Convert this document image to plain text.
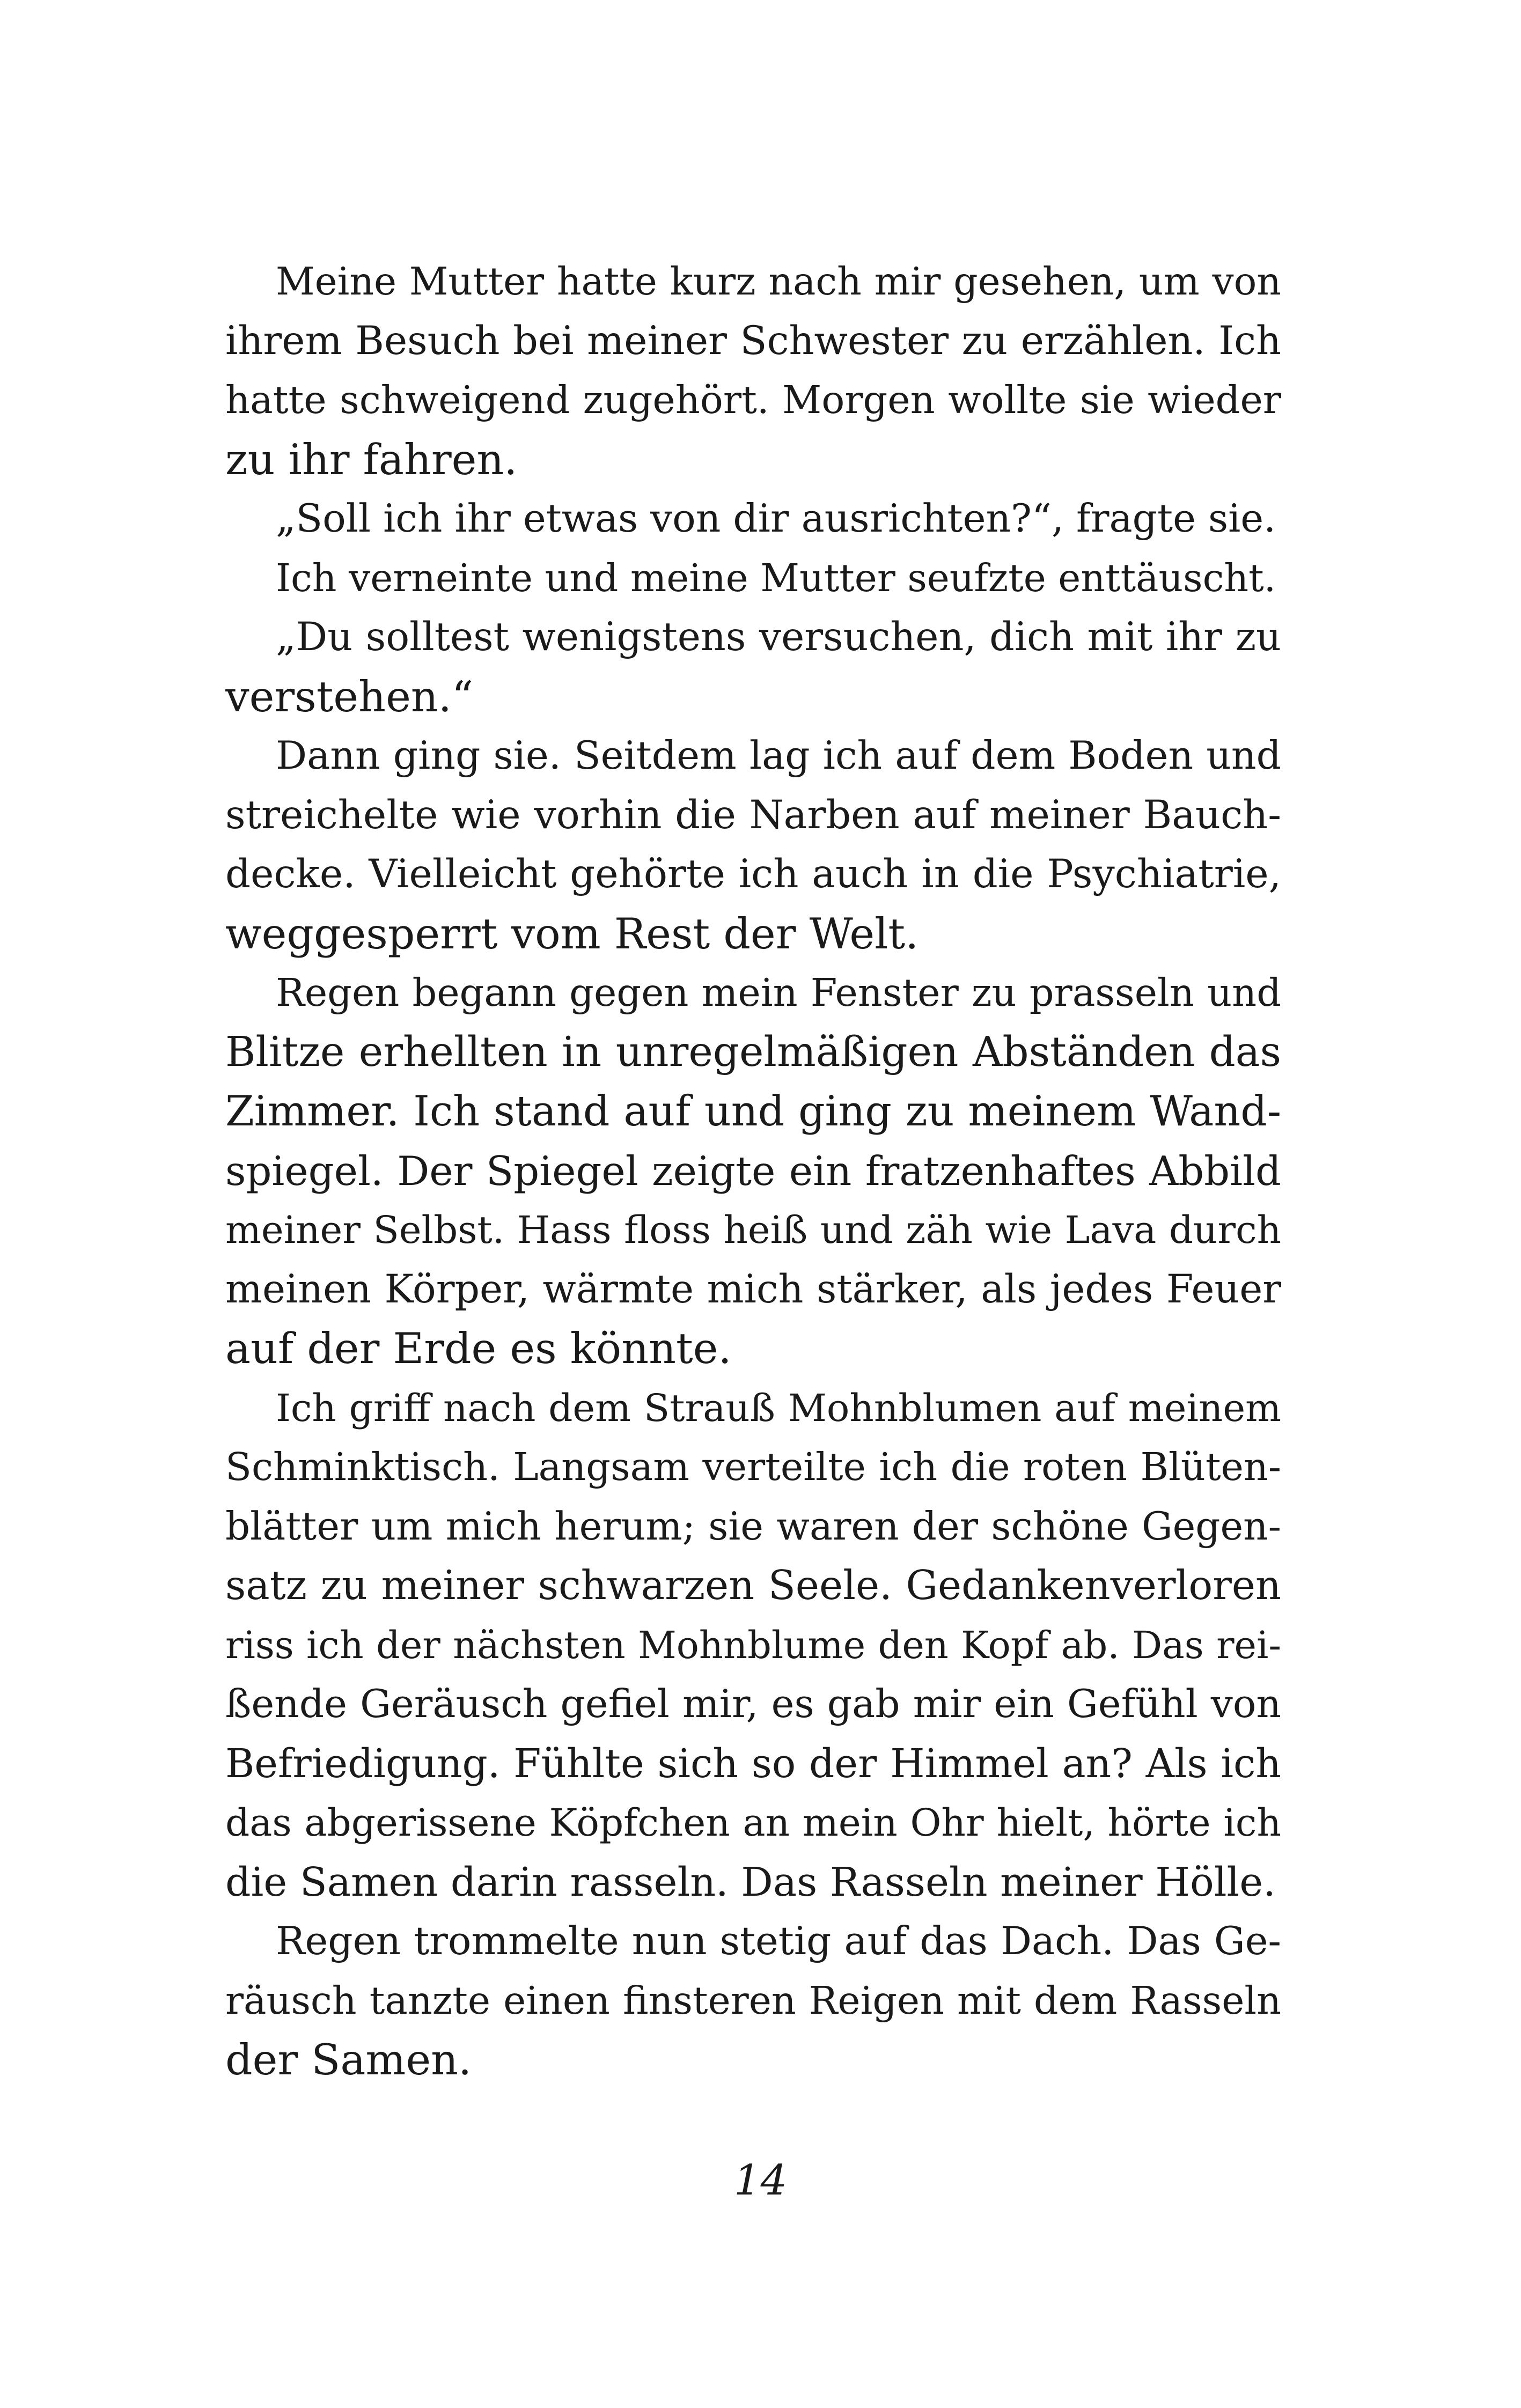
Meine Mutter hatte kurz nach mir gesehen, um von
ihrem Besuch bei meiner Schwester zu erzählen. Ich
hatte schweigend zugehört. Morgen wollte sie wieder
zu ihr fahren.
„Soll ich ihr etwas von dir ausrichten?“, fragte sie.
Ich verneinte und meine Mutter seufzte enttäuscht.
„Du solltest wenigstens versuchen, dich mit ihr zu
verstehen.“
Dann ging sie. Seitdem lag ich auf dem Boden und
streichelte wie vorhin die Narben auf meiner Bauch-
decke. Vielleicht gehörte ich auch in die Psychiatrie,
weggesperrt vom Rest der Welt.
Regen begann gegen mein Fenster zu prasseln und
Blitze erhellten in unregelmäßigen Abständen das
Zimmer. Ich stand auf und ging zu meinem Wand-
spiegel. Der Spiegel zeigte ein fratzenhaftes Abbild
meiner Selbst. Hass floss heiß und zäh wie Lava durch
meinen Körper, wärmte mich stärker, als jedes Feuer
auf der Erde es könnte.
Ich griff nach dem Strauß Mohnblumen auf meinem
Schminktisch. Langsam verteilte ich die roten Blüten-
blätter um mich herum; sie waren der schöne Gegen-
satz zu meiner schwarzen Seele. Gedankenverloren
riss ich der nächsten Mohnblume den Kopf ab. Das rei-
ßende Geräusch gefiel mir, es gab mir ein Gefühl von
Befriedigung. Fühlte sich so der Himmel an? Als ich
das abgerissene Köpfchen an mein Ohr hielt, hörte ich
die Samen darin rasseln. Das Rasseln meiner Hölle.
Regen trommelte nun stetig auf das Dach. Das Ge-
räusch tanzte einen finsteren Reigen mit dem Rasseln
der Samen.
14
